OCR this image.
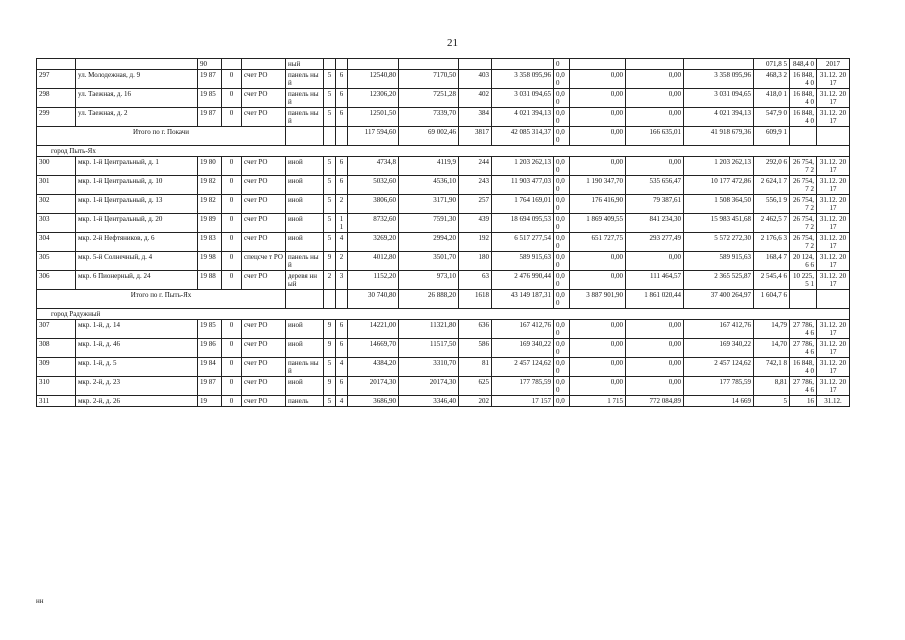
21
		90			ный							0				071,8 5	848,4 0	2017
297	ул. Молодежная, д. 9	19 87	0	счет РО	панель ный	5	6	12540,80	7170,50	403	3 358 095,96	0,0 0	0,00	0,00	3 358 095,96	468,3 2	16 848,4 0	31.12. 2017
298	ул. Таежная, д. 16	19 85	0	счет РО	панель ный	5	6	12306,20	7251,28	402	3 031 094,65	0,0 0	0,00	0,00	3 031 094,65	418,0 1	16 848,4 0	31.12. 2017
299	ул. Таежная, д. 2	19 87	0	счет РО	панель ный	5	6	12501,50	7339,70	384	4 021 394,13	0,0 0	0,00	0,00	4 021 394,13	547,9 0	16 848,4 0	31.12. 2017
Итого по г. Покачи								117 594,60	69 002,46	3817	42 085 314,37	0,0 0	0,00	166 635,01	41 918 679,36	609,9 1		
город Пыть-Ях																		
300	мкр. 1-й Центральный, д. 1	19 80	0	счет РО	иной	5	6	4734,8	4119,9	244	1 203 262,13	0,0 0	0,00	0,00	1 203 262,13	292,0 6	26 754,7 2	31.12. 2017
301	мкр. 1-й Центральный, д. 10	19 82	0	счет РО	иной	5	6	5032,60	4536,10	243	11 903 477,03	0,0 0	1 190 347,70	535 656,47	10 177 472,86	2 624,1 7	26 754,7 2	31.12. 2017
302	мкр. 1-й Центральный, д. 13	19 82	0	счет РО	иной	5	2	3806,60	3171,90	257	1 764 169,01	0,0 0	176 416,90	79 387,61	1 508 364,50	556,1 9	26 754,7 2	31.12. 2017
303	мкр. 1-й Центральный, д. 20	19 89	0	счет РО	иной	5	1 1	8732,60	7591,30	439	18 694 095,53	0,0 0	1 869 409,55	841 234,30	15 983 451,68	2 462,5 7	26 754,7 2	31.12. 2017
304	мкр. 2-й Нефтяников, д. 6	19 83	0	счет РО	иной	5	4	3269,20	2994,20	192	6 517 277,54	0,0 0	651 727,75	293 277,49	5 572 272,30	2 176,6 3	26 754,7 2	31.12. 2017
305	мкр. 5-й Солнечный, д. 4	19 98	0	спецсче т РО	панель ный	9	2	4012,80	3501,70	180	589 915,63	0,0 0	0,00	0,00	589 915,63	168,4 7	20 124,6 6	31.12. 2017
306	мкр. 6 Пионерный, д. 24	19 88	0	счет РО	деревя нный	2	3	1152,20	973,10	63	2 476 990,44	0,0 0	0,00	111 464,57	2 365 525,87	2 545,4 6	10 225,5 1	31.12. 2017
Итого по г. Пыть-Ях								30 740,80	26 888,20	1618	43 149 187,31	0,0 0	3 887 901,90	1 861 020,44	37 400 264,97	1 604,7 6		
город Радужный																		
307	мкр. 1-й, д. 14	19 85	0	счет РО	иной	9	6	14221,00	11321,80	636	167 412,76	0,0 0	0,00	0,00	167 412,76	14,79	27 786,4 6	31.12. 2017
308	мкр. 1-й, д. 46	19 86	0	счет РО	иной	9	6	14669,70	11517,50	586	169 340,22	0,0 0	0,00	0,00	169 340,22	14,70	27 786,4 6	31.12. 2017
309	мкр. 1-й, д. 5	19 84	0	счет РО	панель ный	5	4	4384,20	3310,70	81	2 457 124,62	0,0 0	0,00	0,00	2 457 124,62	742,1 8	16 848,4 0	31.12. 2017
310	мкр. 2-й, д. 23	19 87	0	счет РО	иной	9	6	20174,30	20174,30	625	177 785,59	0,0 0	0,00	0,00	177 785,59	8,81	27 786,4 6	31.12. 2017
311	мкр. 2-й, д. 26	19	0	счет РО	панель	5	4	3686,90	3346,40	202	17 157	0,0	1 715	772 084,89	14 669	5	16	31.12.
нн
